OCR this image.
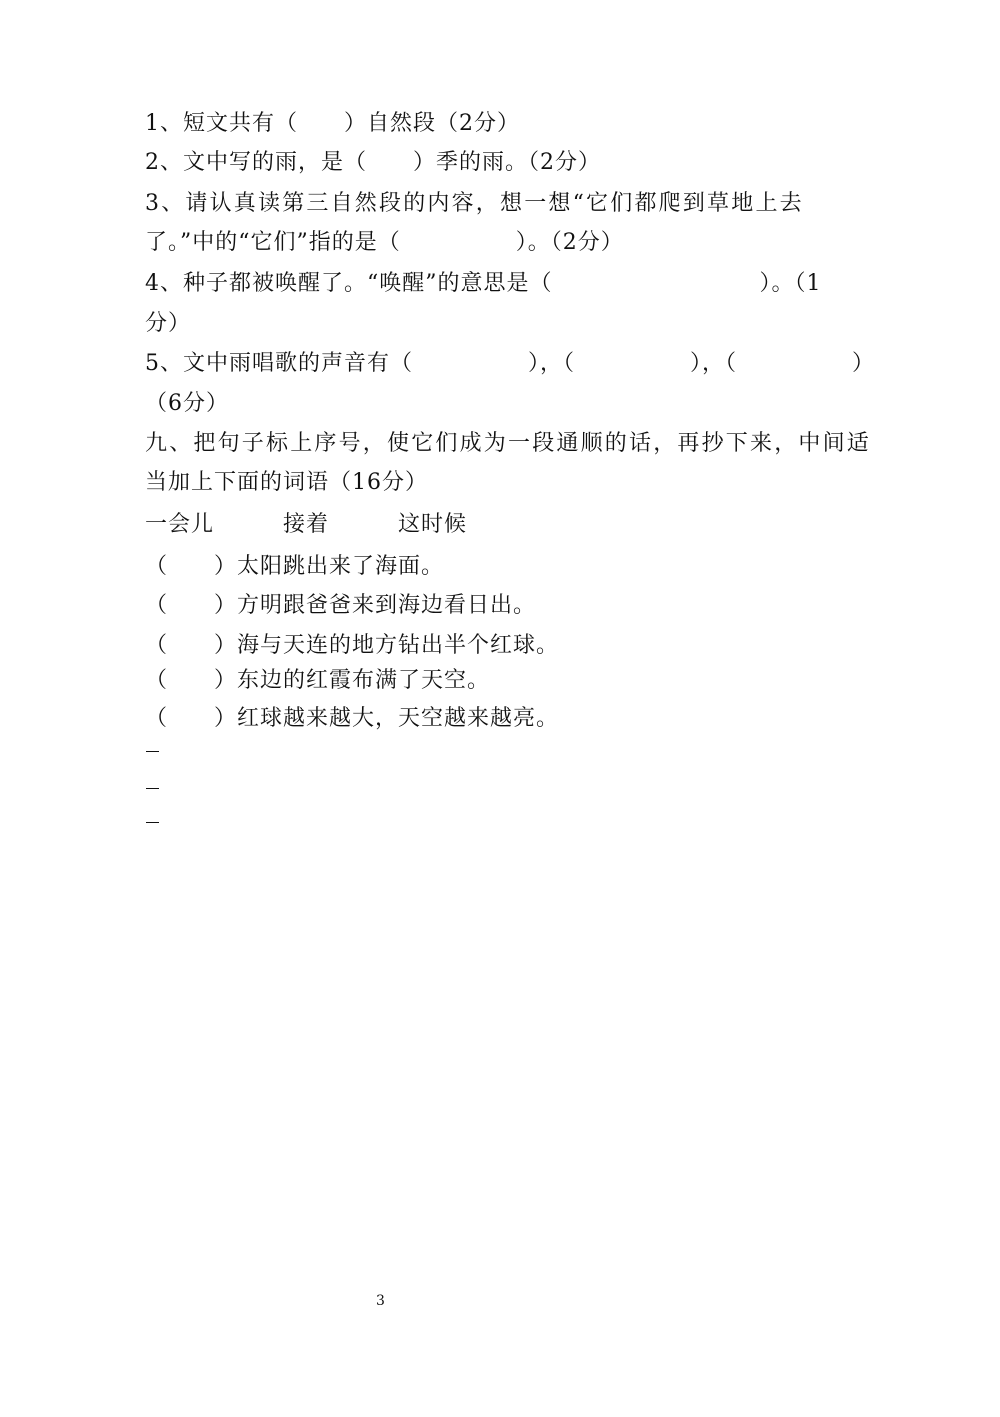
1、短文共有（　　）自然段（2分）
2、文中写的雨，是（　　）季的雨。（2分）
3、请认真读第三自然段的内容，想一想“它们都爬到草地上去
了。”中的“它们”指的是（　　　　　）。（2分）
4、种子都被唤醒了。“唤醒”的意思是（　　　　　　　　　）。（1
分）
5、文中雨唱歌的声音有（　　　　　），（　　　　　），（　　　　　）
（6分）
九、把句子标上序号，使它们成为一段通顺的话，再抄下来，中间适
当加上下面的词语（16分）
一会儿　　　接着　　　这时候
（　　）太阳跳出来了海面。
（　　）方明跟爸爸来到海边看日出。
（　　）海与天连的地方钻出半个红球。
（　　）东边的红霞布满了天空。
（　　）红球越来越大，天空越来越亮。
3
